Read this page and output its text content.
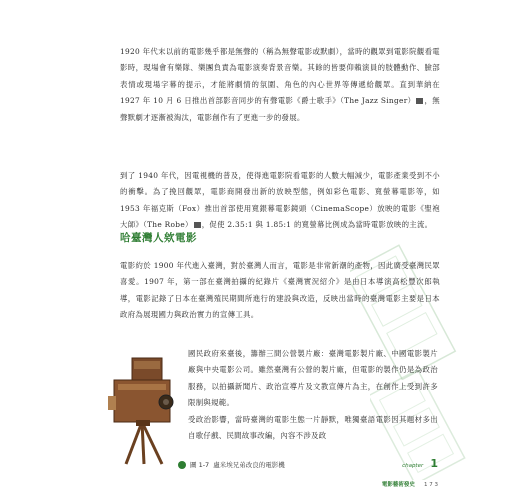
1920 年代末以前的電影幾乎都是無聲的（稱為無聲電影或默劇），當時的觀眾到電影院觀看電影時，現場會有樂隊、樂團負責為電影演奏背景音樂。其餘的皆要仰賴演員的肢體動作、臉部表情或現場字幕的提示，才能將劇情的氛圍、角色的內心世界等傳遞給觀眾。直到華納在 1927 年 10 月 6 日推出首部影音同步的有聲電影《爵士歌手》（The Jazz Singer） ，無聲默劇才逐漸被淘汰，電影創作有了更進一步的發展。

到了 1940 年代，因電視機的普及，使得進電影院看電影的人數大幅減少，電影產業受到不小的衝擊。為了挽回觀眾，電影商開發出新的放映型態，例如彩色電影、寬螢幕電影等，如 1953 年福克斯（Fox）推出首部使用寬銀幕電影鏡頭（CinemaScope）放映的電影《聖袍大師》（The Robe） ，促使 2.35:1 與 1.85:1 的寬螢幕比例成為當時電影放映的主流。

哈臺灣人欸電影

電影約於 1900 年代進入臺灣，對於臺灣人而言，電影是非常新潮的產物，因此廣受臺灣民眾喜愛。1907 年，第一部在臺灣拍攝的紀錄片《臺灣實況紹介》是由日本導演高松豐次郎執導，電影記錄了日本在臺灣殖民期間所進行的建設與改造，反映出當時的臺灣電影主要是日本政府為展現國力與政治實力的宣傳工具。

國民政府來臺後，籌辦三間公營製片廠：臺灣電影製片廠、中國電影製片廠與中央電影公司。雖然臺灣有公營的製片廠，但電影的製作仍是為政治服務，以拍攝新聞片、政治宣導片及文教宣傳片為主，在創作上受到許多限制與規範。

受政治影響，當時臺灣的電影生態一片靜默，唯獨臺語電影因其題材多出自歌仔戲、民間故事改編，內容不涉及政

圖 1-7 盧米埃兄弟改良的電影機	chapter 1
電影藝術發史 1 7 3
